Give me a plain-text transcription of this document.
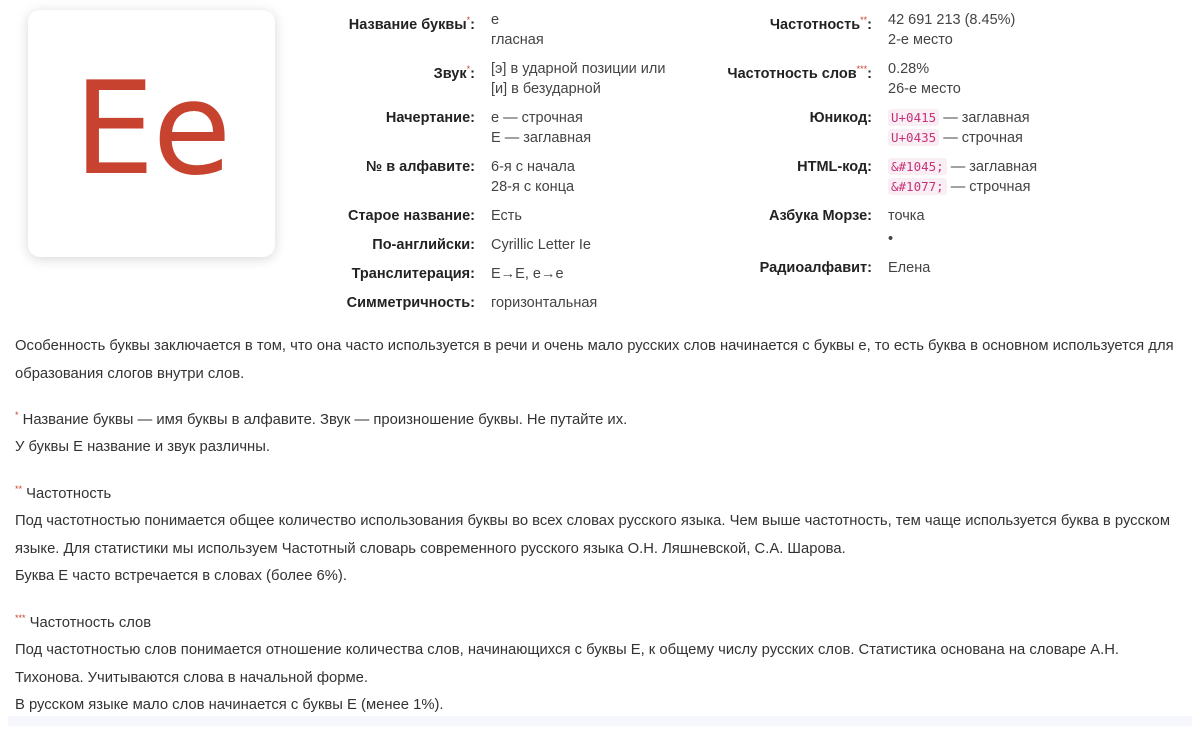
Ee
Название буквы*:	е
гласная
Звук*:	[э] в ударной позиции или
[и] в безударной
Начертание:	е — строчная
Е — заглавная
№ в алфавите:	6-я с начала
28-я с конца
Старое название:	Есть
По-английски:	Cyrillic Letter Ie
Транслитерация:	Е→E, е→e
Симметричность:	горизонтальная
Частотность**:	42 691 213 (8.45%)
2-е место
Частотность слов***:	0.28%
26-е место
Юникод:	U+0415 — заглавная
U+0435 — строчная
HTML-код:	&#1045; — заглавная
&#1077; — строчная
Азбука Морзе:	точка
•
Радиоалфавит:	Елена

Особенность буквы заключается в том, что она часто используется в речи и очень мало русских слов начинается с буквы е, то есть буква в основном используется для образования слогов внутри слов.

* Название буквы — имя буквы в алфавите. Звук — произношение буквы. Не путайте их.
У буквы Е название и звук различны.

** Частотность
Под частотностью понимается общее количество использования буквы во всех словах русского языка. Чем выше частотность, тем чаще используется буква в русском языке. Для статистики мы используем Частотный словарь современного русского языка О.Н. Ляшневской, С.А. Шарова.
Буква Е часто встречается в словах (более 6%).

*** Частотность слов
Под частотностью слов понимается отношение количества слов, начинающихся с буквы Е, к общему числу русских слов. Статистика основана на словаре А.Н. Тихонова. Учитываются слова в начальной форме.
В русском языке мало слов начинается с буквы Е (менее 1%).
